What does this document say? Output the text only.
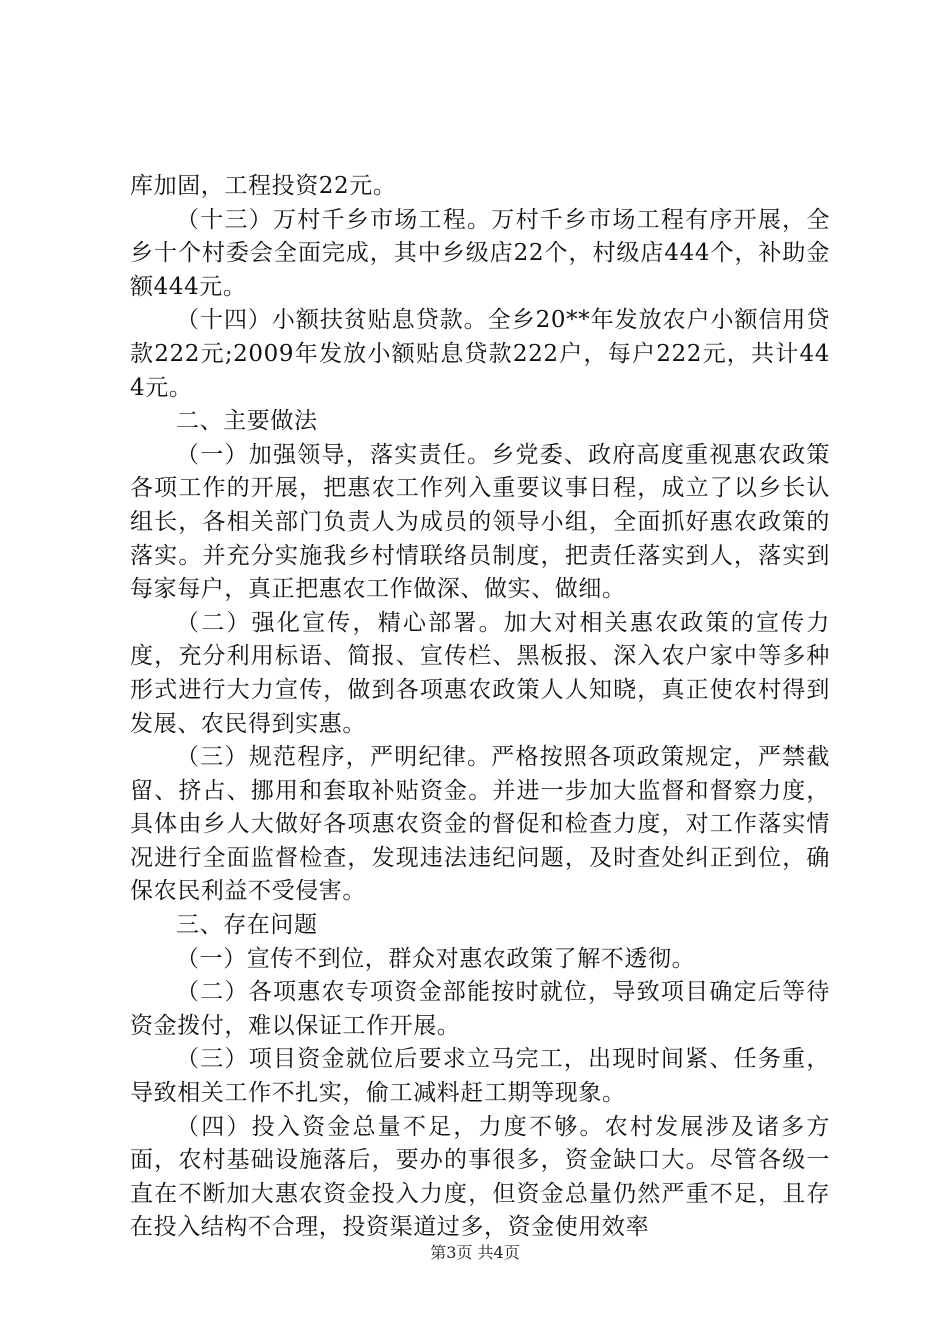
库加固，工程投资22元。

（十三）万村千乡市场工程。万村千乡市场工程有序开展，全乡十个村委会全面完成，其中乡级店22个，村级店444个，补助金额444元。

（十四）小额扶贫贴息贷款。全乡20**年发放农户小额信用贷款222元;2009年发放小额贴息贷款222户，每户222元，共计444元。

二、主要做法

（一）加强领导，落实责任。乡党委、政府高度重视惠农政策各项工作的开展，把惠农工作列入重要议事日程，成立了以乡长认组长，各相关部门负责人为成员的领导小组，全面抓好惠农政策的落实。并充分实施我乡村情联络员制度，把责任落实到人，落实到每家每户，真正把惠农工作做深、做实、做细。

（二）强化宣传，精心部署。加大对相关惠农政策的宣传力度，充分利用标语、简报、宣传栏、黑板报、深入农户家中等多种形式进行大力宣传，做到各项惠农政策人人知晓，真正使农村得到发展、农民得到实惠。

（三）规范程序，严明纪律。严格按照各项政策规定，严禁截留、挤占、挪用和套取补贴资金。并进一步加大监督和督察力度，具体由乡人大做好各项惠农资金的督促和检查力度，对工作落实情况进行全面监督检查，发现违法违纪问题，及时查处纠正到位，确保农民利益不受侵害。

三、存在问题

（一）宣传不到位，群众对惠农政策了解不透彻。

（二）各项惠农专项资金部能按时就位，导致项目确定后等待资金拨付，难以保证工作开展。

（三）项目资金就位后要求立马完工，出现时间紧、任务重，导致相关工作不扎实，偷工减料赶工期等现象。

（四）投入资金总量不足，力度不够。农村发展涉及诸多方面，农村基础设施落后，要办的事很多，资金缺口大。尽管各级一直在不断加大惠农资金投入力度，但资金总量仍然严重不足，且存在投入结构不合理，投资渠道过多，资金使用效率

第3页 共4页
